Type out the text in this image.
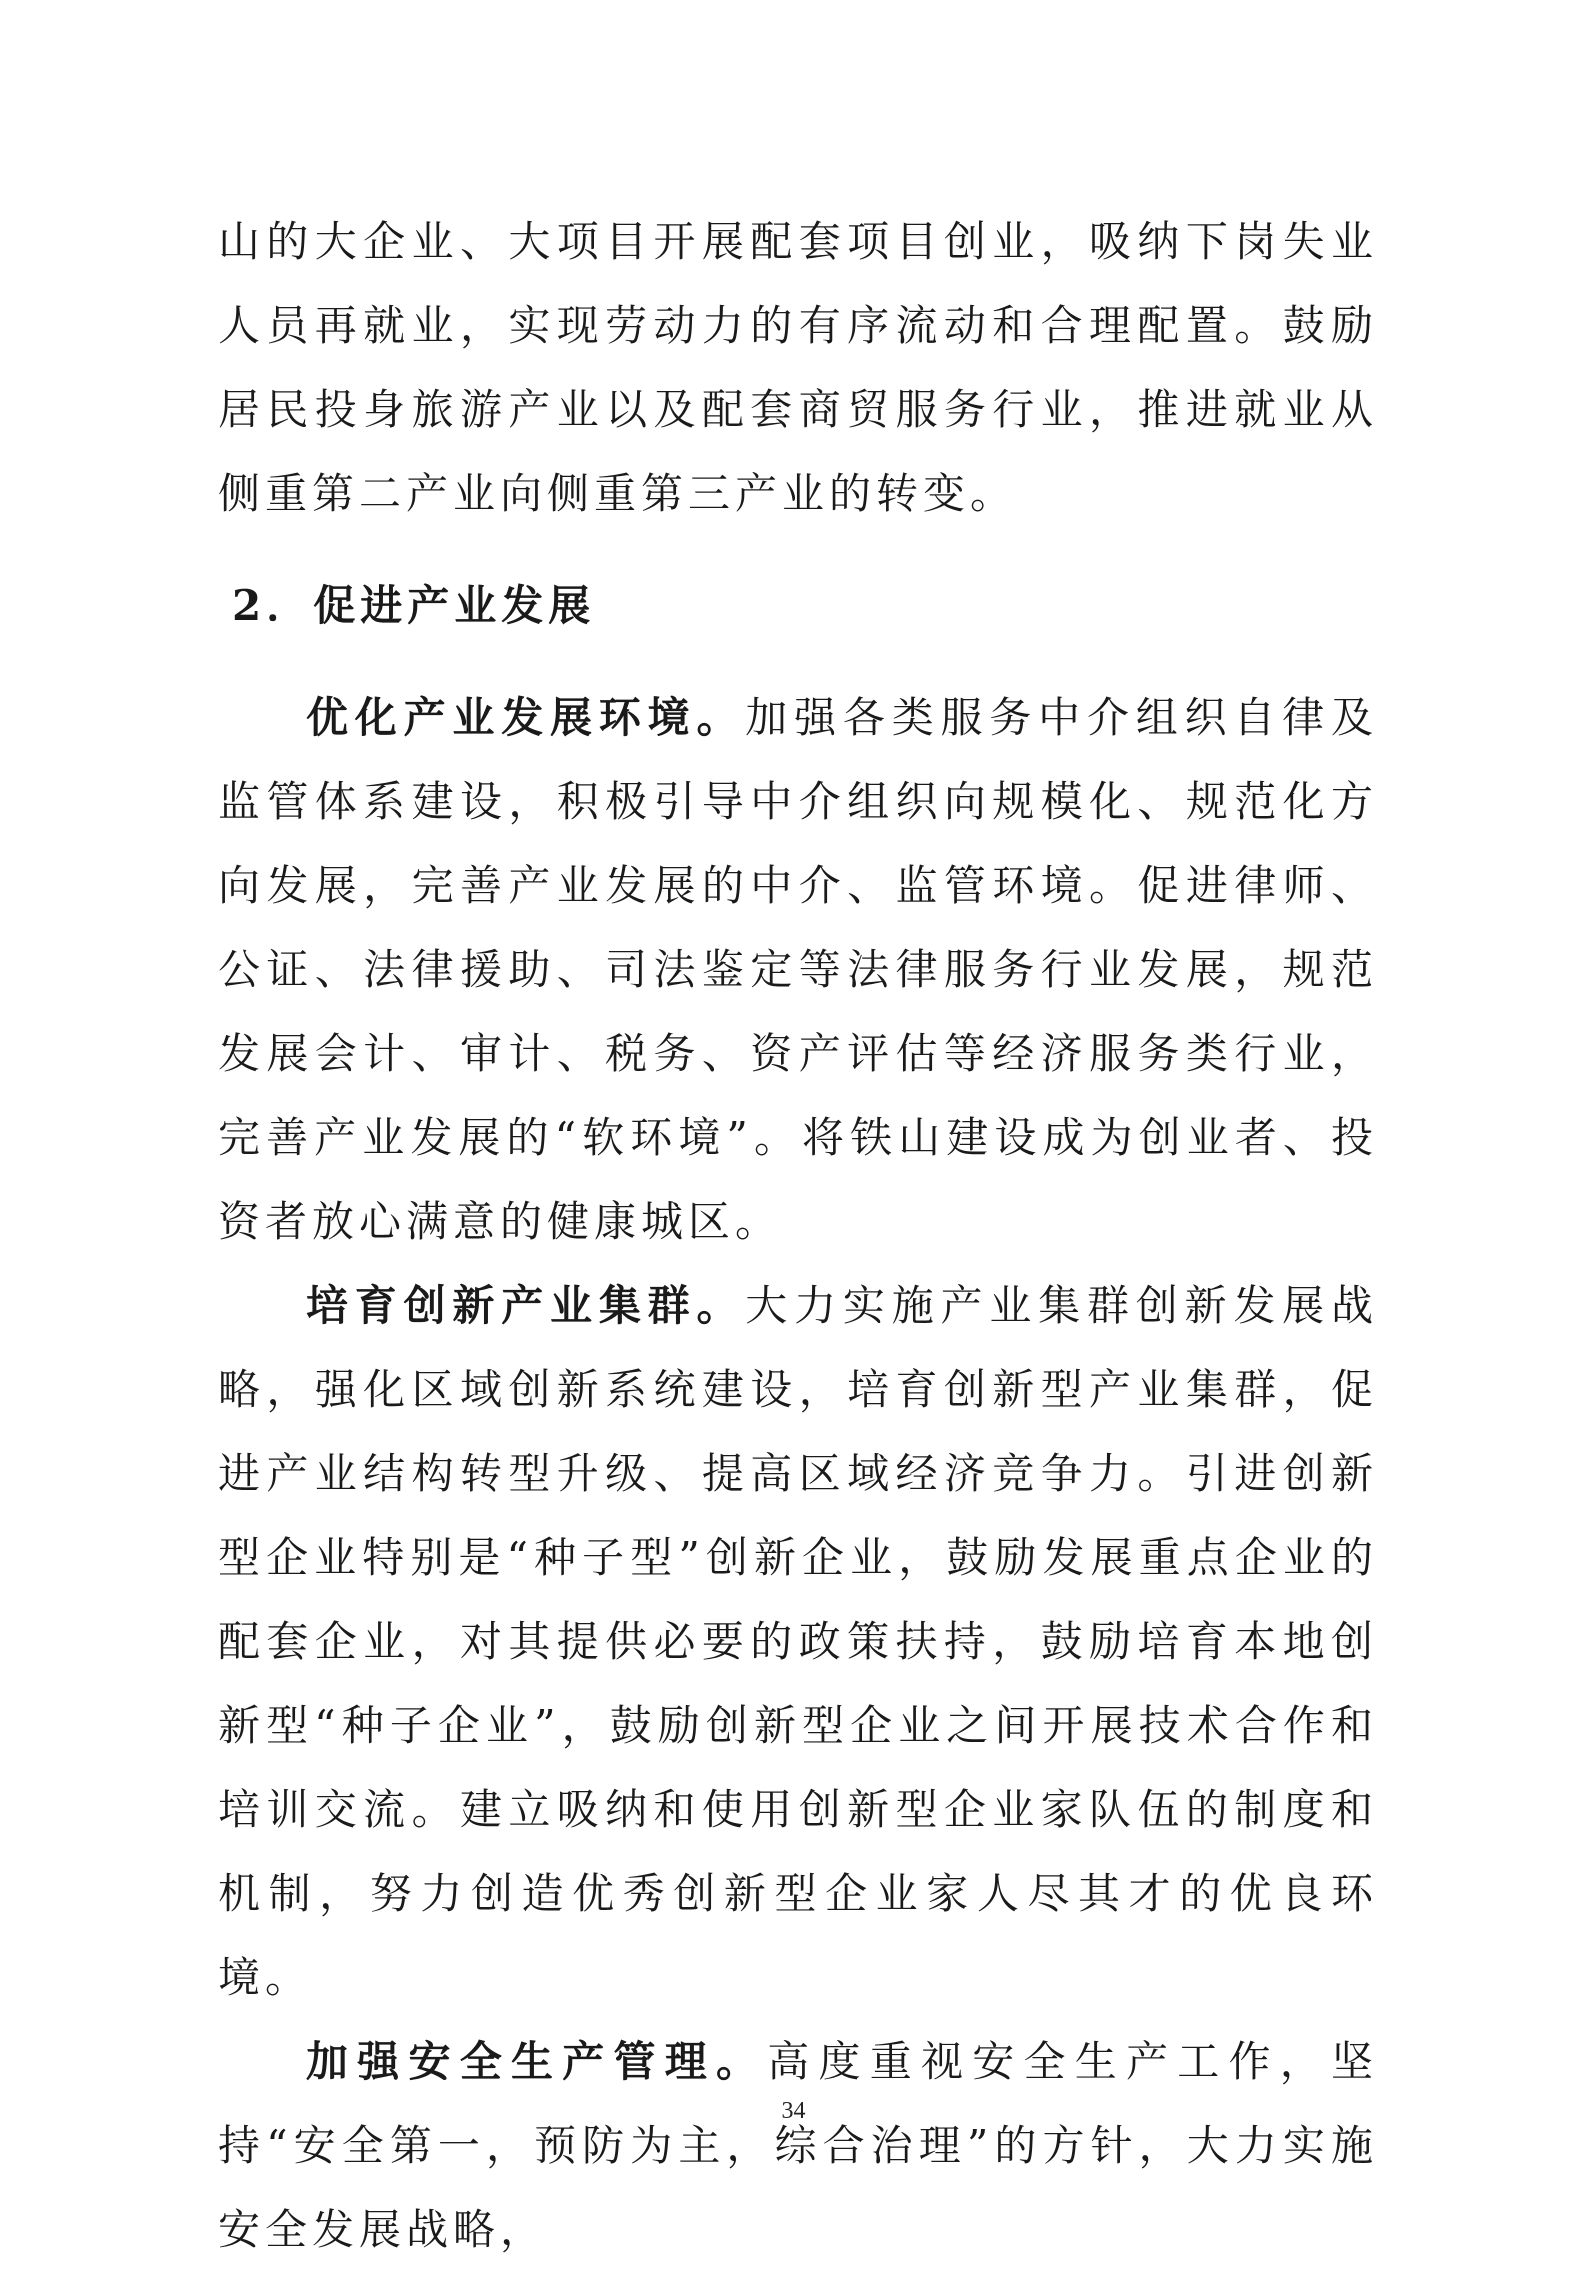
山的大企业、大项目开展配套项目创业，吸纳下岗失业人员再就业，实现劳动力的有序流动和合理配置。鼓励居民投身旅游产业以及配套商贸服务行业，推进就业从侧重第二产业向侧重第三产业的转变。

2．促进产业发展

优化产业发展环境。加强各类服务中介组织自律及监管体系建设，积极引导中介组织向规模化、规范化方向发展，完善产业发展的中介、监管环境。促进律师、公证、法律援助、司法鉴定等法律服务行业发展，规范发展会计、审计、税务、资产评估等经济服务类行业，完善产业发展的“软环境”。将铁山建设成为创业者、投资者放心满意的健康城区。

培育创新产业集群。大力实施产业集群创新发展战略，强化区域创新系统建设，培育创新型产业集群，促进产业结构转型升级、提高区域经济竞争力。引进创新型企业特别是“种子型”创新企业，鼓励发展重点企业的配套企业，对其提供必要的政策扶持，鼓励培育本地创新型“种子企业”，鼓励创新型企业之间开展技术合作和培训交流。建立吸纳和使用创新型企业家队伍的制度和机制，努力创造优秀创新型企业家人尽其才的优良环境。

加强安全生产管理。高度重视安全生产工作，坚持“安全第一，预防为主，综合治理”的方针，大力实施安全发展战略，

34
